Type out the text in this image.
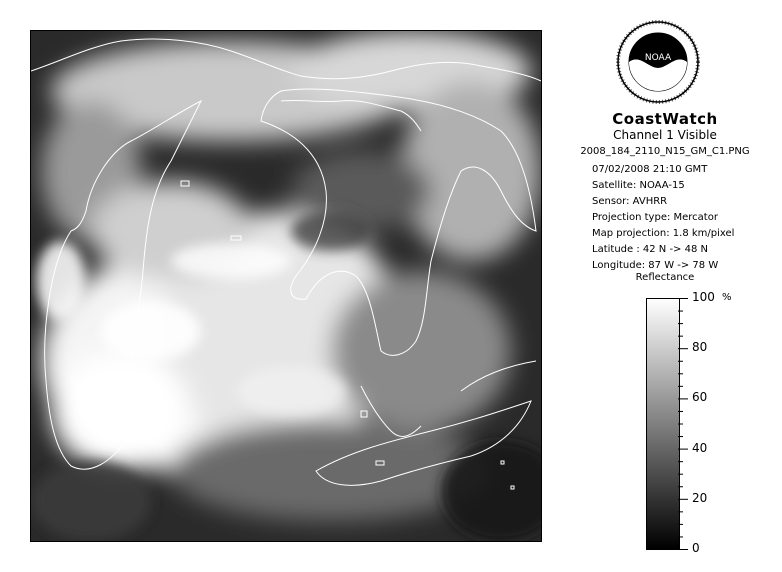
NOAA
CoastWatch
Channel 1 Visible
2008_184_2110_N15_GM_C1.PNG
07/02/2008 21:10 GMT
Satellite: NOAA-15
Sensor: AVHRR
Projection type: Mercator
Map projection: 1.8 km/pixel
Latitude : 42 N -> 48 N
Longitude: 87 W -> 78 W
Reflectance
%
100
80
60
40
20
0
